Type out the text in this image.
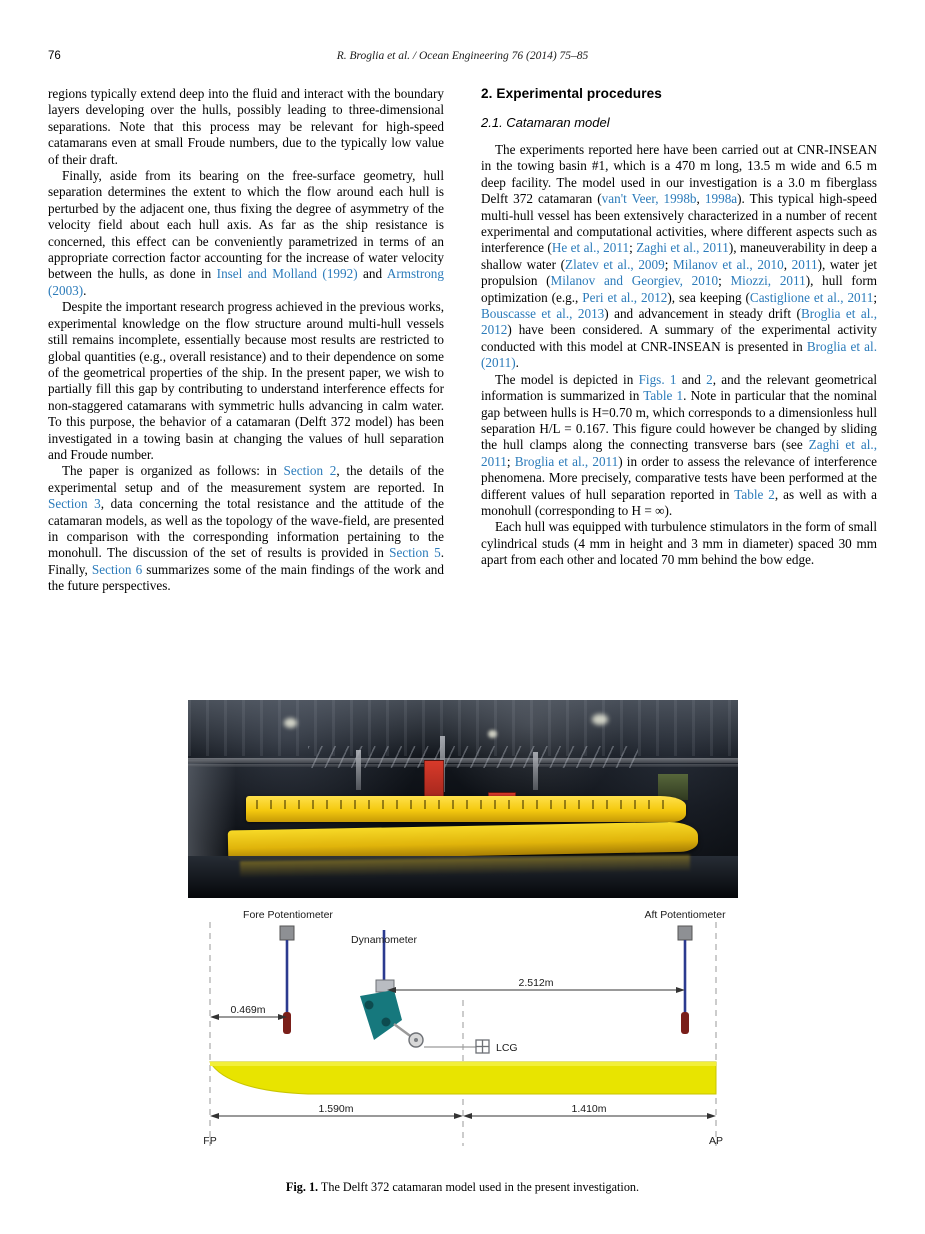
76	R. Broglia et al. / Ocean Engineering 76 (2014) 75–85

regions typically extend deep into the fluid and interact with the boundary layers developing over the hulls, possibly leading to three-dimensional separations. Note that this process may be relevant for high-speed catamarans even at small Froude numbers, due to the typically low value of their draft.

Finally, aside from its bearing on the free-surface geometry, hull separation determines the extent to which the flow around each hull is perturbed by the adjacent one, thus fixing the degree of asymmetry of the velocity field about each hull axis. As far as the ship resistance is concerned, this effect can be conveniently parametrized in terms of an appropriate correction factor accounting for the increase of water velocity between the hulls, as done in Insel and Molland (1992) and Armstrong (2003).

Despite the important research progress achieved in the previous works, experimental knowledge on the flow structure around multi-hull vessels still remains incomplete, essentially because most results are restricted to global quantities (e.g., overall resistance) and to their dependence on some of the geometrical properties of the ship. In the present paper, we wish to partially fill this gap by contributing to understand interference effects for non-staggered catamarans with symmetric hulls advancing in calm water. To this purpose, the behavior of a catamaran (Delft 372 model) has been investigated in a towing basin at changing the values of hull separation and Froude number.

The paper is organized as follows: in Section 2, the details of the experimental setup and of the measurement system are reported. In Section 3, data concerning the total resistance and the attitude of the catamaran models, as well as the topology of the wave-field, are presented in comparison with the corresponding information pertaining to the monohull. The discussion of the set of results is provided in Section 5. Finally, Section 6 summarizes some of the main findings of the work and the future perspectives.

2. Experimental procedures
2.1. Catamaran model

The experiments reported here have been carried out at CNR-INSEAN in the towing basin #1, which is a 470 m long, 13.5 m wide and 6.5 m deep facility. The model used in our investigation is a 3.0 m fiberglass Delft 372 catamaran (van't Veer, 1998b, 1998a). This typical high-speed multi-hull vessel has been extensively characterized in a number of recent experimental and computational activities, where different aspects such as interference (He et al., 2011; Zaghi et al., 2011), maneuverability in deep a shallow water (Zlatev et al., 2009; Milanov et al., 2010, 2011), water jet propulsion (Milanov and Georgiev, 2010; Miozzi, 2011), hull form optimization (e.g., Peri et al., 2012), sea keeping (Castiglione et al., 2011; Bouscasse et al., 2013) and advancement in steady drift (Broglia et al., 2012) have been considered. A summary of the experimental activity conducted with this model at CNR-INSEAN is presented in Broglia et al. (2011).

The model is depicted in Figs. 1 and 2, and the relevant geometrical information is summarized in Table 1. Note in particular that the nominal gap between hulls is H=0.70 m, which corresponds to a dimensionless hull separation H/L = 0.167. This figure could however be changed by sliding the hull clamps along the connecting transverse bars (see Zaghi et al., 2011; Broglia et al., 2011) in order to assess the relevance of interference phenomena. More precisely, comparative tests have been performed at the different values of hull separation reported in Table 2, as well as with a monohull (corresponding to H = ∞).

Each hull was equipped with turbulence stimulators in the form of small cylindrical studs (4 mm in height and 3 mm in diameter) spaced 30 mm apart from each other and located 70 mm behind the bow edge.

Fore Potentiometer	Aft Potentiometer
Dynamometer
LCG
FP	AP
0.469m
2.512m
1.590m	1.410m
Fig. 1. The Delft 372 catamaran model used in the present investigation.
